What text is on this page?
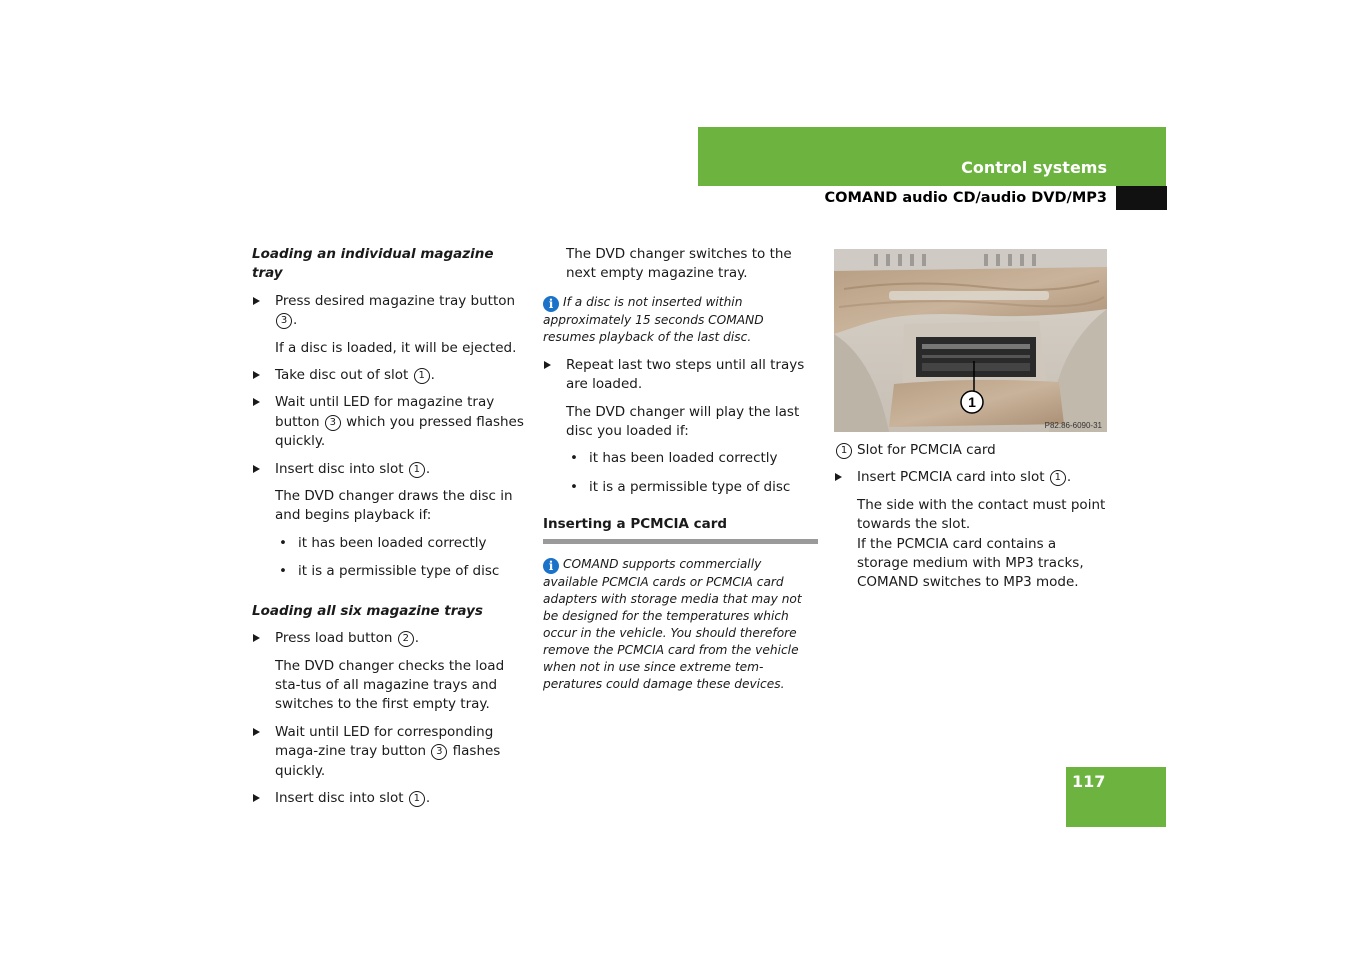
Control systems
COMAND audio CD/audio DVD/MP3
Loading an individual magazine tray
Press desired magazine tray button 3 .
If a disc is loaded, it will be ejected.
Take disc out of slot 1 .
Wait until LED for magazine tray button 3 which you pressed flashes quickly.
Insert disc into slot 1 .
The DVD changer draws the disc in and begins playback if:
• it has been loaded correctly
• it is a permissible type of disc
Loading all six magazine trays
Press load button 2 .
The DVD changer checks the load sta-tus of all magazine trays and switches to the first empty tray.
Wait until LED for corresponding maga-zine tray button 3 flashes quickly.
Insert disc into slot 1 .
The DVD changer switches to the next empty magazine tray.
i If a disc is not inserted within approximately 15 seconds COMAND resumes playback of the last disc.
Repeat last two steps until all trays are loaded.
The DVD changer will play the last disc you loaded if:
• it has been loaded correctly
• it is a permissible type of disc
Inserting a PCMCIA card
i COMAND supports commercially available PCMCIA cards or PCMCIA card adapters with storage media that may not be designed for the temperatures which occur in the vehicle. You should therefore remove the PCMCIA card from the vehicle when not in use since extreme tem-peratures could damage these devices.
1
P82.86-6090-31
1 Slot for PCMCIA card
Insert PCMCIA card into slot 1 .
The side with the contact must point towards the slot.
If the PCMCIA card contains a storage medium with MP3 tracks, COMAND switches to MP3 mode.
117
